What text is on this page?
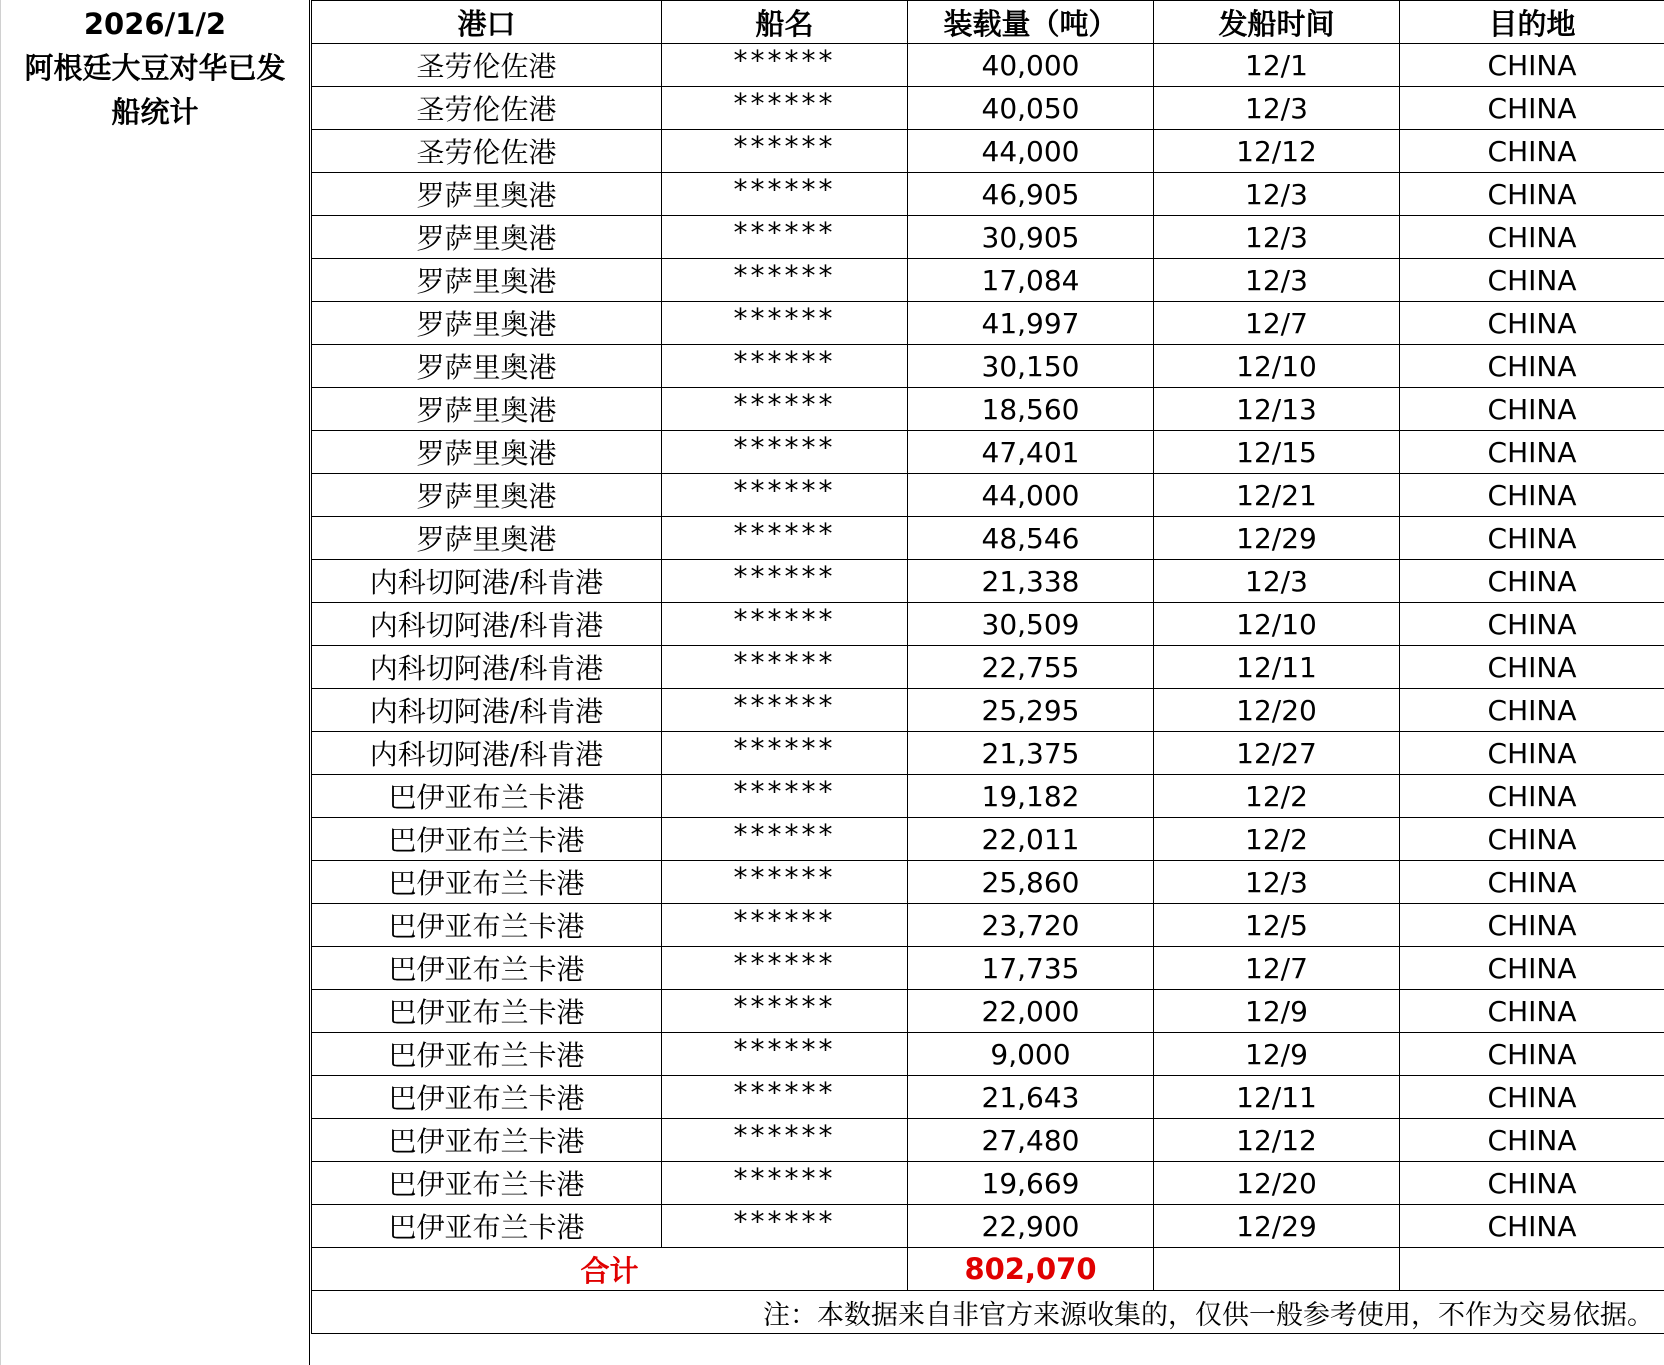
2026/1/2
阿根廷大豆对华已发船统计
港口	船名	装载量（吨）	发船时间	目的地
圣劳伦佐港	******	40,000	12/1	CHINA
圣劳伦佐港	******	40,050	12/3	CHINA
圣劳伦佐港	******	44,000	12/12	CHINA
罗萨里奥港	******	46,905	12/3	CHINA
罗萨里奥港	******	30,905	12/3	CHINA
罗萨里奥港	******	17,084	12/3	CHINA
罗萨里奥港	******	41,997	12/7	CHINA
罗萨里奥港	******	30,150	12/10	CHINA
罗萨里奥港	******	18,560	12/13	CHINA
罗萨里奥港	******	47,401	12/15	CHINA
罗萨里奥港	******	44,000	12/21	CHINA
罗萨里奥港	******	48,546	12/29	CHINA
内科切阿港/科肯港	******	21,338	12/3	CHINA
内科切阿港/科肯港	******	30,509	12/10	CHINA
内科切阿港/科肯港	******	22,755	12/11	CHINA
内科切阿港/科肯港	******	25,295	12/20	CHINA
内科切阿港/科肯港	******	21,375	12/27	CHINA
巴伊亚布兰卡港	******	19,182	12/2	CHINA
巴伊亚布兰卡港	******	22,011	12/2	CHINA
巴伊亚布兰卡港	******	25,860	12/3	CHINA
巴伊亚布兰卡港	******	23,720	12/5	CHINA
巴伊亚布兰卡港	******	17,735	12/7	CHINA
巴伊亚布兰卡港	******	22,000	12/9	CHINA
巴伊亚布兰卡港	******	9,000	12/9	CHINA
巴伊亚布兰卡港	******	21,643	12/11	CHINA
巴伊亚布兰卡港	******	27,480	12/12	CHINA
巴伊亚布兰卡港	******	19,669	12/20	CHINA
巴伊亚布兰卡港	******	22,900	12/29	CHINA
合计		802,070		
注：本数据来自非官方来源收集的，仅供一般参考使用，不作为交易依据。				
